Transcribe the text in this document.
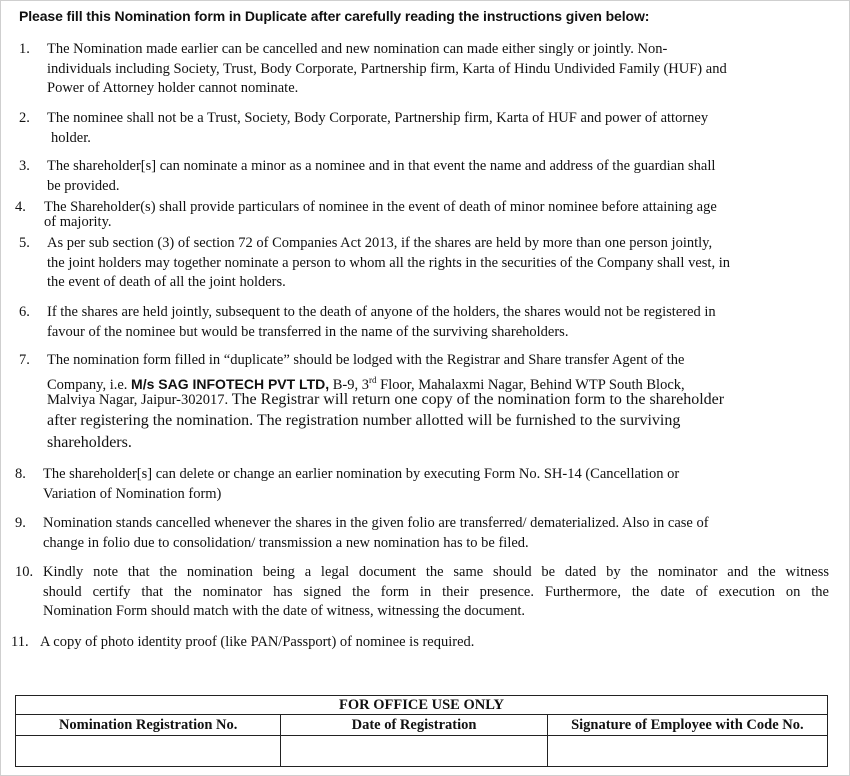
Please fill this Nomination form in Duplicate after carefully reading the instructions given below:
1. The Nomination made earlier can be cancelled and new nomination can made either singly or jointly. Non-
individuals including Society, Trust, Body Corporate, Partnership firm, Karta of Hindu Undivided Family (HUF) and
Power of Attorney holder cannot nominate.
2. The nominee shall not be a Trust, Society, Body Corporate, Partnership firm, Karta of HUF and power of attorney
holder.
3. The shareholder[s] can nominate a minor as a nominee and in that event the name and address of the guardian shall
be provided.
4. The Shareholder(s) shall provide particulars of nominee in the event of death of minor nominee before attaining age
of majority.
5. As per sub section (3) of section 72 of Companies Act 2013, if the shares are held by more than one person jointly,
the joint holders may together nominate a person to whom all the rights in the securities of the Company shall vest, in
the event of death of all the joint holders.
6. If the shares are held jointly, subsequent to the death of anyone of the holders, the shares would not be registered in
favour of the nominee but would be transferred in the name of the surviving shareholders.
7. The nomination form filled in “duplicate” should be lodged with the Registrar and Share transfer Agent of the
Company, i.e. M/s SAG INFOTECH PVT LTD, B-9, 3rd Floor, Mahalaxmi Nagar, Behind WTP South Block,
Malviya Nagar, Jaipur-302017. The Registrar will return one copy of the nomination form to the shareholder
after registering the nomination. The registration number allotted will be furnished to the surviving
shareholders.
8. The shareholder[s] can delete or change an earlier nomination by executing Form No. SH-14 (Cancellation or
Variation of Nomination form)
9. Nomination stands cancelled whenever the shares in the given folio are transferred/ dematerialized. Also in case of
change in folio due to consolidation/ transmission a new nomination has to be filed.
10. Kindly note that the nomination being a legal document the same should be dated by the nominator and the witness
should certify that the nominator has signed the form in their presence. Furthermore, the date of execution on the
Nomination Form should match with the date of witness, witnessing the document.
11. A copy of photo identity proof (like PAN/Passport) of nominee is required.
FOR OFFICE USE ONLY		
Nomination Registration No.	Date of Registration	Signature of Employee with Code No.
